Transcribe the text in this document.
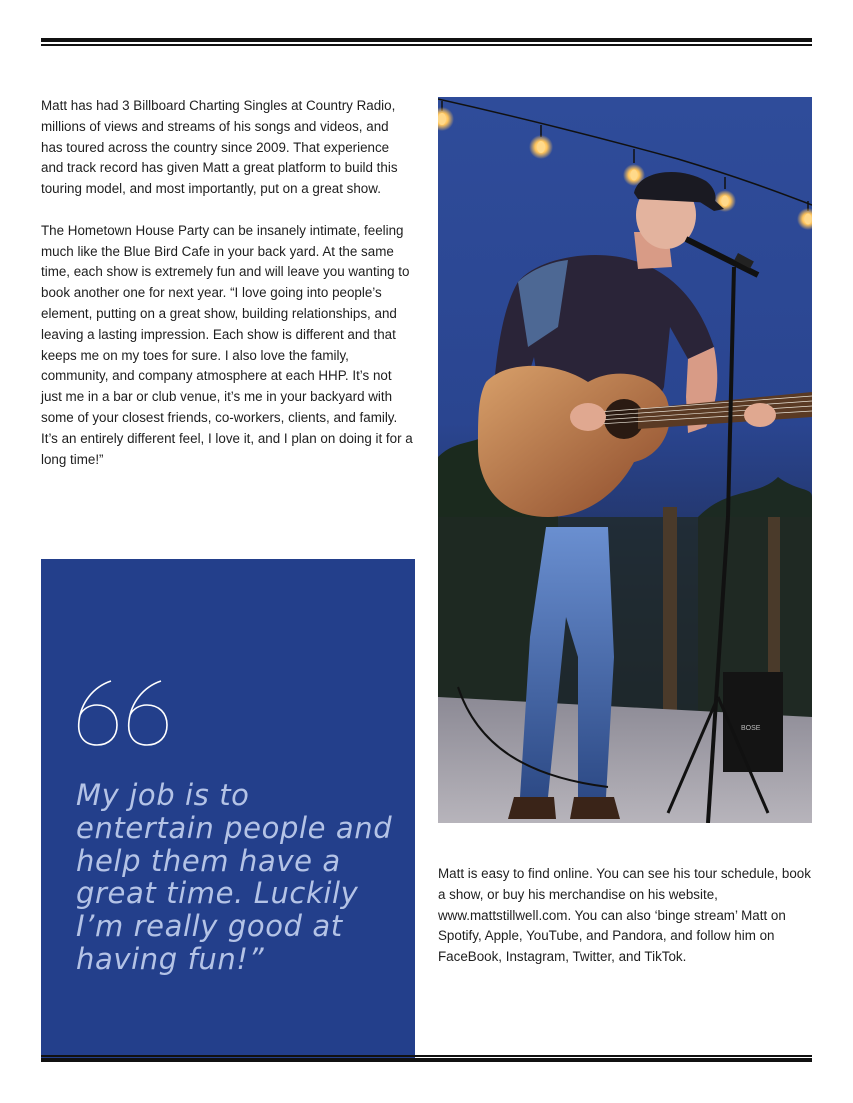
Matt has had 3 Billboard Charting Singles at Country Radio, millions of views and streams of his songs and videos, and has toured across the country since 2009. That experience and track record has given Matt a great platform to build this touring model, and most importantly, put on a great show.

The Hometown House Party can be insanely intimate, feeling much like the Blue Bird Cafe in your back yard. At the same time, each show is extremely fun and will leave you wanting to book another one for next year. “I love going into people’s element, putting on a great show, building relationships, and leaving a lasting impression. Each show is different and that keeps me on my toes for sure. I also love the family, community, and company atmosphere at each HHP. It’s not just me in a bar or club venue, it’s me in your backyard with some of your closest friends, co-workers, clients, and family. It’s an entirely different feel, I love it, and I plan on doing it for a long time!”

My job is to entertain people and help them have a great time. Luckily I’m really good at having fun!”
BOSE
Matt is easy to find online. You can see his tour schedule, book a show, or buy his merchandise on his website, www.mattstillwell.com. You can also ‘binge stream’ Matt on Spotify, Apple, YouTube, and Pandora, and follow him on FaceBook, Instagram, Twitter, and TikTok.
